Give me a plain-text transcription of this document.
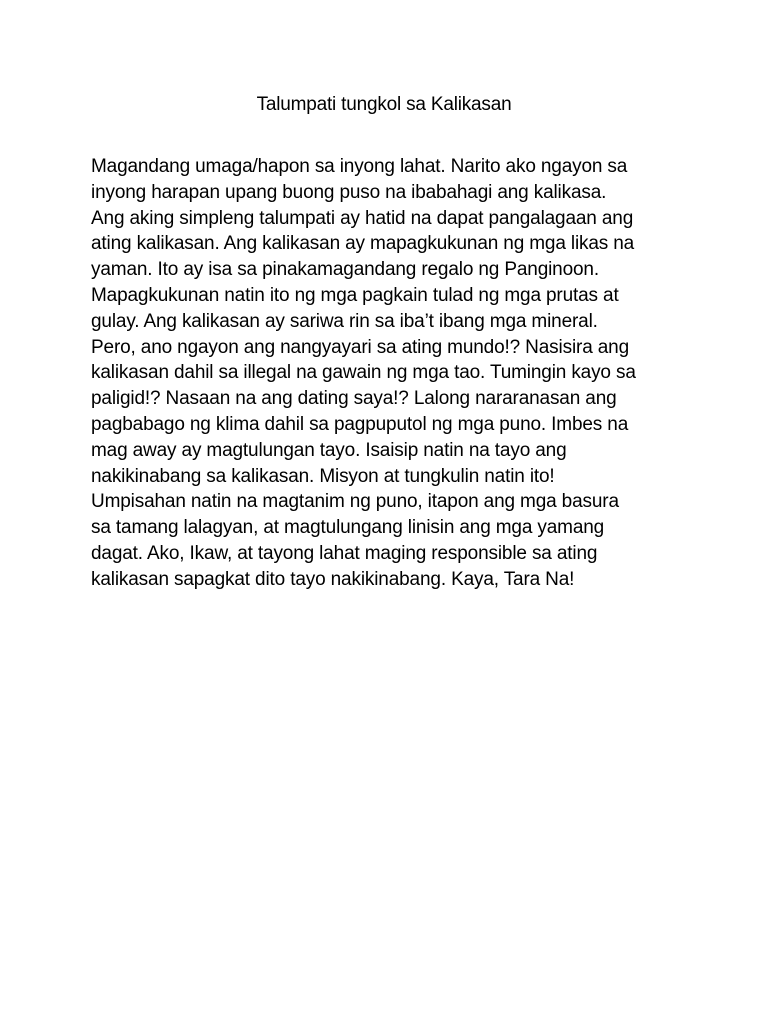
Talumpati tungkol sa Kalikasan
Magandang umaga/hapon sa inyong lahat. Narito ako ngayon sa
inyong harapan upang buong puso na ibabahagi ang kalikasa.
Ang aking simpleng talumpati ay hatid na dapat pangalagaan ang
ating kalikasan. Ang kalikasan ay mapagkukunan ng mga likas na
yaman. Ito ay isa sa pinakamagandang regalo ng Panginoon.
Mapagkukunan natin ito ng mga pagkain tulad ng mga prutas at
gulay. Ang kalikasan ay sariwa rin sa iba’t ibang mga mineral.
Pero, ano ngayon ang nangyayari sa ating mundo!? Nasisira ang
kalikasan dahil sa illegal na gawain ng mga tao. Tumingin kayo sa
paligid!? Nasaan na ang dating saya!? Lalong nararanasan ang
pagbabago ng klima dahil sa pagpuputol ng mga puno. Imbes na
mag away ay magtulungan tayo. Isaisip natin na tayo ang
nakikinabang sa kalikasan. Misyon at tungkulin natin ito!
Umpisahan natin na magtanim ng puno, itapon ang mga basura
sa tamang lalagyan, at magtulungang linisin ang mga yamang
dagat. Ako, Ikaw, at tayong lahat maging responsible sa ating
kalikasan sapagkat dito tayo nakikinabang. Kaya, Tara Na!
